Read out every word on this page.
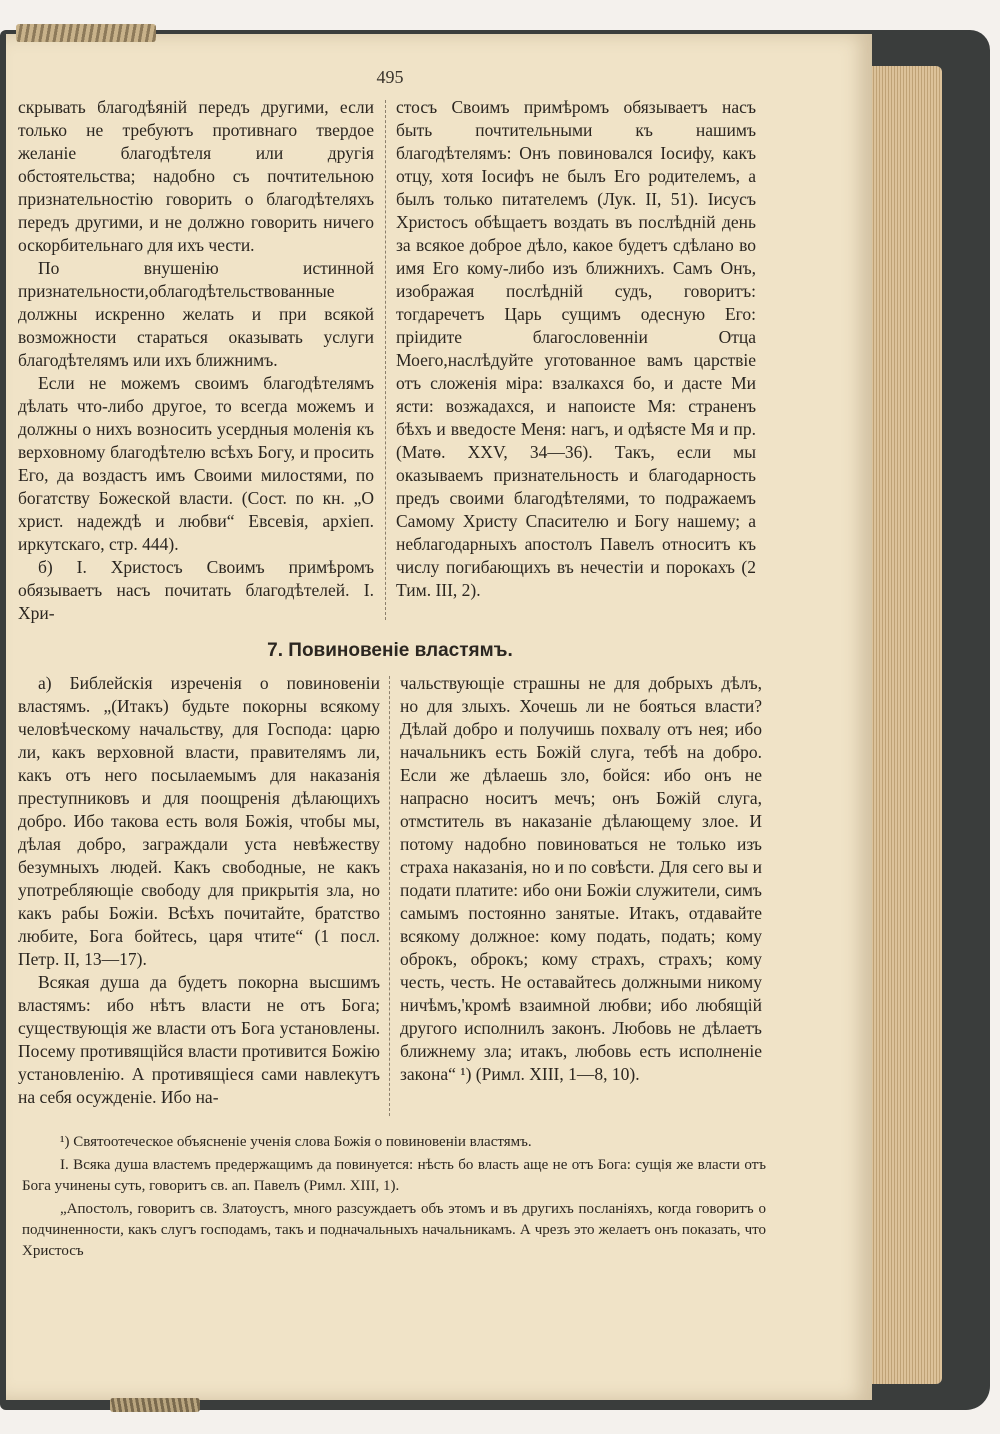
495

скрывать благодѣяній передъ другими, если только не требуютъ противнаго твердое желаніе благодѣтеля или другія обстоятельства; надобно съ почтительною признательностію говорить о благодѣтеляхъ передъ другими, и не должно говорить ничего оскорбительнаго для ихъ чести.

По внушенію истинной признательности,облагодѣтельствованные должны искренно желать и при всякой возможности стараться оказывать услуги благодѣтелямъ или ихъ ближнимъ.

Если не можемъ своимъ благодѣтелямъ дѣлать что-либо другое, то всегда можемъ и должны о нихъ возносить усердныя моленія къ верховному благодѣтелю всѣхъ Богу, и просить Его, да воздастъ имъ Своими милостями, по богатству Божеской власти. (Сост. по кн. „О христ. надеждѣ и любви“ Евсевія, архіеп. иркутскаго, стр. 444).

б) І. Христосъ Своимъ примѣромъ обязываетъ насъ почитать благодѣтелей. І. Хри-

стосъ Своимъ примѣромъ обязываетъ насъ быть почтительными къ нашимъ благодѣтелямъ: Онъ повиновался Іосифу, какъ отцу, хотя Іосифъ не былъ Его родителемъ, а былъ только питателемъ (Лук. II, 51). Іисусъ Христосъ обѣщаетъ воздать въ послѣдній день за всякое доброе дѣло, какое будетъ сдѣлано во имя Его кому-либо изъ ближнихъ. Самъ Онъ, изображая послѣдній судъ, говоритъ: тогдаречетъ Царь сущимъ одесную Его: пріидите благословенніи Отца Моего,наслѣдуйте уготованное вамъ царствіе отъ сложенія міра: взалкахся бо, и дасте Ми ясти: возжадахся, и напоисте Мя: страненъ бѣхъ и введосте Меня: нагъ, и одѣясте Мя и пр. (Матѳ. XXV, 34—36). Такъ, если мы оказываемъ признательность и благодарность предъ своими благодѣтелями, то подражаемъ Самому Христу Спасителю и Богу нашему; а неблагодарныхъ апостолъ Павелъ относитъ къ числу погибающихъ въ нечестіи и порокахъ (2 Тим. III, 2).

7. Повиновеніе властямъ.

а) Библейскія изреченія о повиновеніи властямъ. „(Итакъ) будьте покорны всякому человѣческому начальству, для Господа: царю ли, какъ верховной власти, правителямъ ли, какъ отъ него посылаемымъ для наказанія преступниковъ и для поощренія дѣлающихъ добро. Ибо такова есть воля Божія, чтобы мы, дѣлая добро, заграждали уста невѣжеству безумныхъ людей. Какъ свободные, не какъ употребляющіе свободу для прикрытія зла, но какъ рабы Божіи. Всѣхъ почитайте, братство любите, Бога бойтесь, царя чтите“ (1 посл. Петр. II, 13—17).

Всякая душа да будетъ покорна высшимъ властямъ: ибо нѣтъ власти не отъ Бога; существующія же власти отъ Бога установлены. Посему противящійся власти противится Божію установленію. А противящіеся сами навлекутъ на себя осужденіе. Ибо на-

чальствующіе страшны не для добрыхъ дѣлъ, но для злыхъ. Хочешь ли не бояться власти? Дѣлай добро и получишь похвалу отъ нея; ибо начальникъ есть Божій слуга, тебѣ на добро. Если же дѣлаешь зло, бойся: ибо онъ не напрасно носитъ мечъ; онъ Божій слуга, отмститель въ наказаніе дѣлающему злое. И потому надобно повиноваться не только изъ страха наказанія, но и по совѣсти. Для сего вы и подати платите: ибо они Божіи служители, симъ самымъ постоянно занятые. Итакъ, отдавайте всякому должное: кому подать, подать; кому оброкъ, оброкъ; кому страхъ, страхъ; кому честь, честь. Не оставайтесь должными никому ничѣмъ,'кромѣ взаимной любви; ибо любящій другого исполнилъ законъ. Любовь не дѣлаетъ ближнему зла; итакъ, любовь есть исполненіе закона“ ¹) (Римл. XIII, 1—8, 10).

¹) Святоотеческое объясненіе ученія слова Божія о повиновеніи властямъ.

I. Всяка душа властемъ предержащимъ да повинуется: нѣсть бо власть аще не отъ Бога: сущія же власти отъ Бога учинены суть, говоритъ св. ап. Павелъ (Римл. XIII, 1).

„Апостолъ, говоритъ св. Златоустъ, много разсуждаетъ объ этомъ и въ другихъ посланіяхъ, когда говоритъ о подчиненности, какъ слугъ господамъ, такъ и подначальныхъ начальникамъ. А чрезъ это желаетъ онъ показать, что Христосъ
